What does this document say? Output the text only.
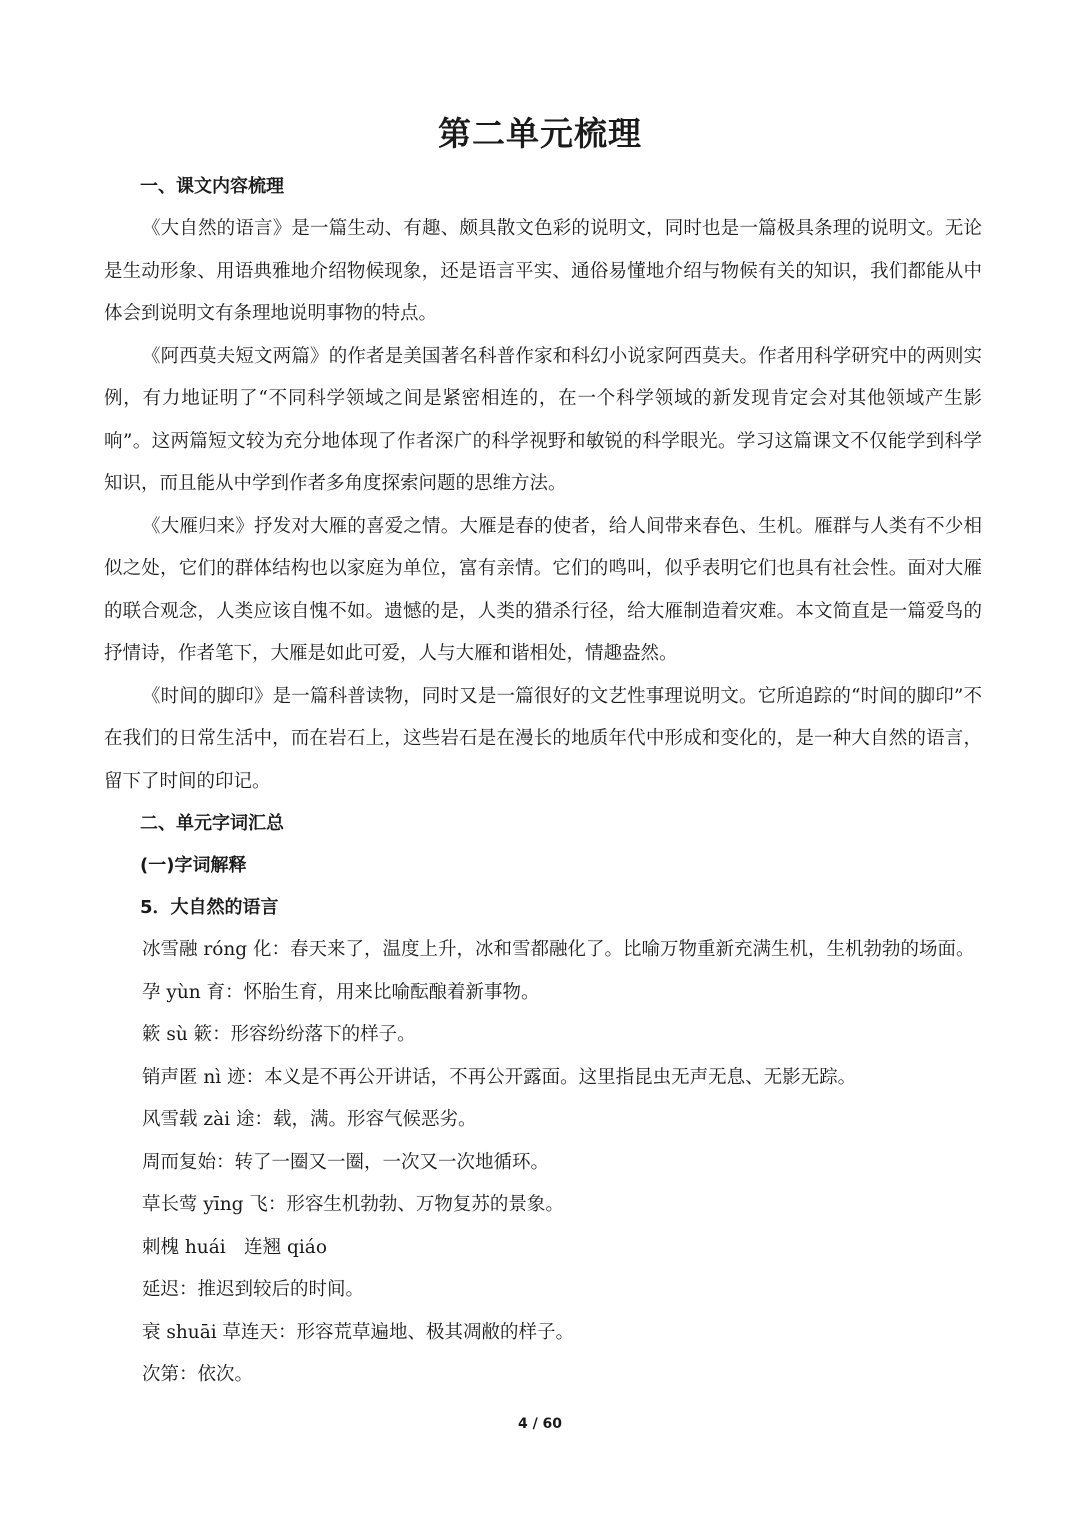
第二单元梳理

一、课文内容梳理

《大自然的语言》是一篇生动、有趣、颇具散文色彩的说明文，同时也是一篇极具条理的说明文。无论是生动形象、用语典雅地介绍物候现象，还是语言平实、通俗易懂地介绍与物候有关的知识，我们都能从中体会到说明文有条理地说明事物的特点。

《阿西莫夫短文两篇》的作者是美国著名科普作家和科幻小说家阿西莫夫。作者用科学研究中的两则实例，有力地证明了“不同科学领域之间是紧密相连的，在一个科学领域的新发现肯定会对其他领域产生影响”。这两篇短文较为充分地体现了作者深广的科学视野和敏锐的科学眼光。学习这篇课文不仅能学到科学知识，而且能从中学到作者多角度探索问题的思维方法。

《大雁归来》抒发对大雁的喜爱之情。大雁是春的使者，给人间带来春色、生机。雁群与人类有不少相似之处，它们的群体结构也以家庭为单位，富有亲情。它们的鸣叫，似乎表明它们也具有社会性。面对大雁的联合观念，人类应该自愧不如。遗憾的是，人类的猎杀行径，给大雁制造着灾难。本文简直是一篇爱鸟的抒情诗，作者笔下，大雁是如此可爱，人与大雁和谐相处，情趣盎然。

《时间的脚印》是一篇科普读物，同时又是一篇很好的文艺性事理说明文。它所追踪的“时间的脚印”不在我们的日常生活中，而在岩石上，这些岩石是在漫长的地质年代中形成和变化的，是一种大自然的语言，留下了时间的印记。

二、单元字词汇总

(一)字词解释

5．大自然的语言

冰雪融 róng 化：春天来了，温度上升，冰和雪都融化了。比喻万物重新充满生机，生机勃勃的场面。

孕 yùn 育：怀胎生育，用来比喻酝酿着新事物。

簌 sù 簌：形容纷纷落下的样子。

销声匿 nì 迹：本义是不再公开讲话，不再公开露面。这里指昆虫无声无息、无影无踪。

风雪载 zài 途：载，满。形容气候恶劣。

周而复始：转了一圈又一圈，一次又一次地循环。

草长莺 yīng 飞：形容生机勃勃、万物复苏的景象。

刺槐 huái　连翘 qiáo

延迟：推迟到较后的时间。

衰 shuāi 草连天：形容荒草遍地、极其凋敝的样子。

次第：依次。

4 / 60
